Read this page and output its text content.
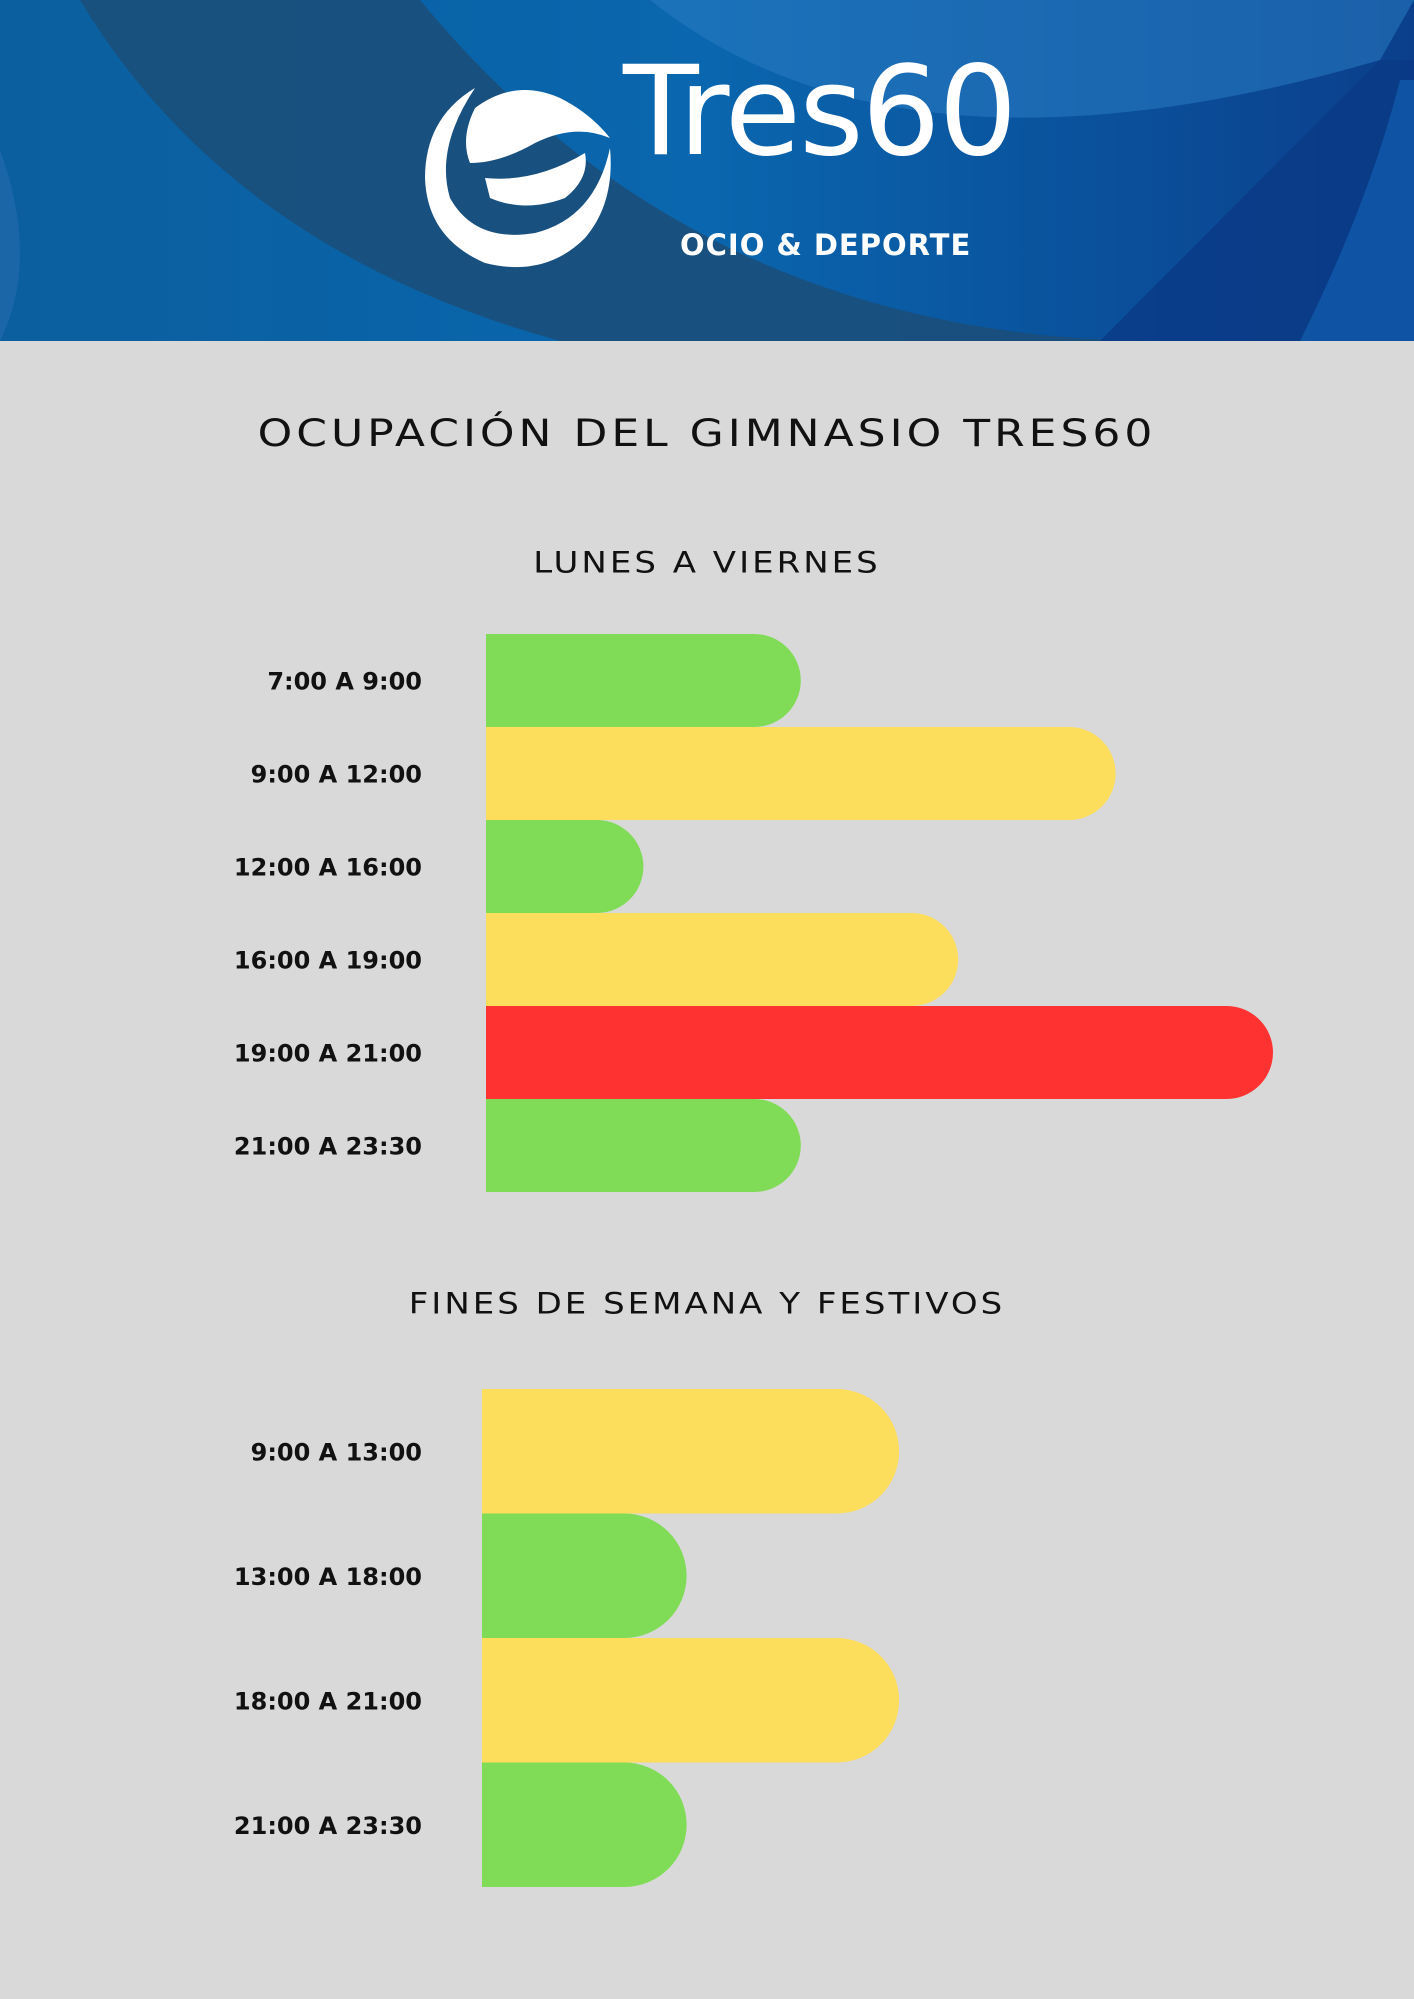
Tres60
OCIO & DEPORTE
OCUPACIÓN DEL GIMNASIO TRES60
LUNES A VIERNES
7:00 A 9:00
9:00 A 12:00
12:00 A 16:00
16:00 A 19:00
19:00 A 21:00
21:00 A 23:30
FINES DE SEMANA Y FESTIVOS
9:00 A 13:00
13:00 A 18:00
18:00 A 21:00
21:00 A 23:30
